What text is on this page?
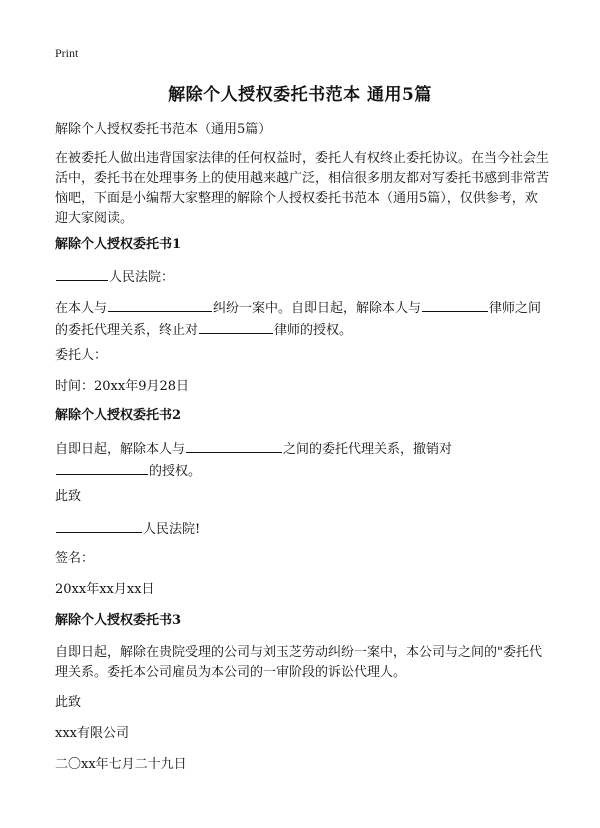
Print
解除个人授权委托书范本 通用5篇

解除个人授权委托书范本（通用5篇）

在被委托人做出违背国家法律的任何权益时，委托人有权终止委托协议。在当今社会生活中，委托书在处理事务上的使用越来越广泛，相信很多朋友都对写委托书感到非常苦恼吧，下面是小编帮大家整理的解除个人授权委托书范本（通用5篇），仅供参考，欢迎大家阅读。

解除个人授权委托书1

人民法院：

在本人与	纠纷一案中。自即日起，解除本人与	律师之间的委托代理关系，终止对	律师的授权。

委托人：

时间：20xx年9月28日

解除个人授权委托书2

自即日起，解除本人与	之间的委托代理关系，撤销对
的授权。

此致

人民法院!

签名：

20xx年xx月xx日

解除个人授权委托书3

自即日起，解除在贵院受理的公司与刘玉芝劳动纠纷一案中，本公司与之间的"委托代理关系。委托本公司雇员为本公司的一审阶段的诉讼代理人。

此致

xxx有限公司

二〇xx年七月二十九日
